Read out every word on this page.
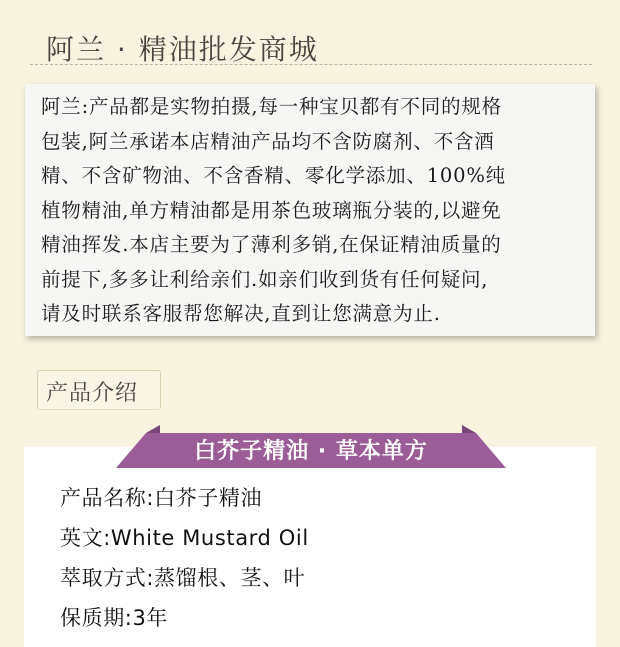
阿兰 · 精油批发商城
阿兰:产品都是实物拍摄,每一种宝贝都有不同的规格
包装,阿兰承诺本店精油产品均不含防腐剂、不含酒
精、不含矿物油、不含香精、零化学添加、100%纯
植物精油,单方精油都是用茶色玻璃瓶分装的,以避免
精油挥发.本店主要为了薄利多销,在保证精油质量的
前提下,多多让利给亲们.如亲们收到货有任何疑问,
请及时联系客服帮您解决,直到让您满意为止.
产品介绍
白芥子精油 · 草本单方
产品名称:白芥子精油
英文:White Mustard Oil
萃取方式:蒸馏根、茎、叶
保质期:3年
